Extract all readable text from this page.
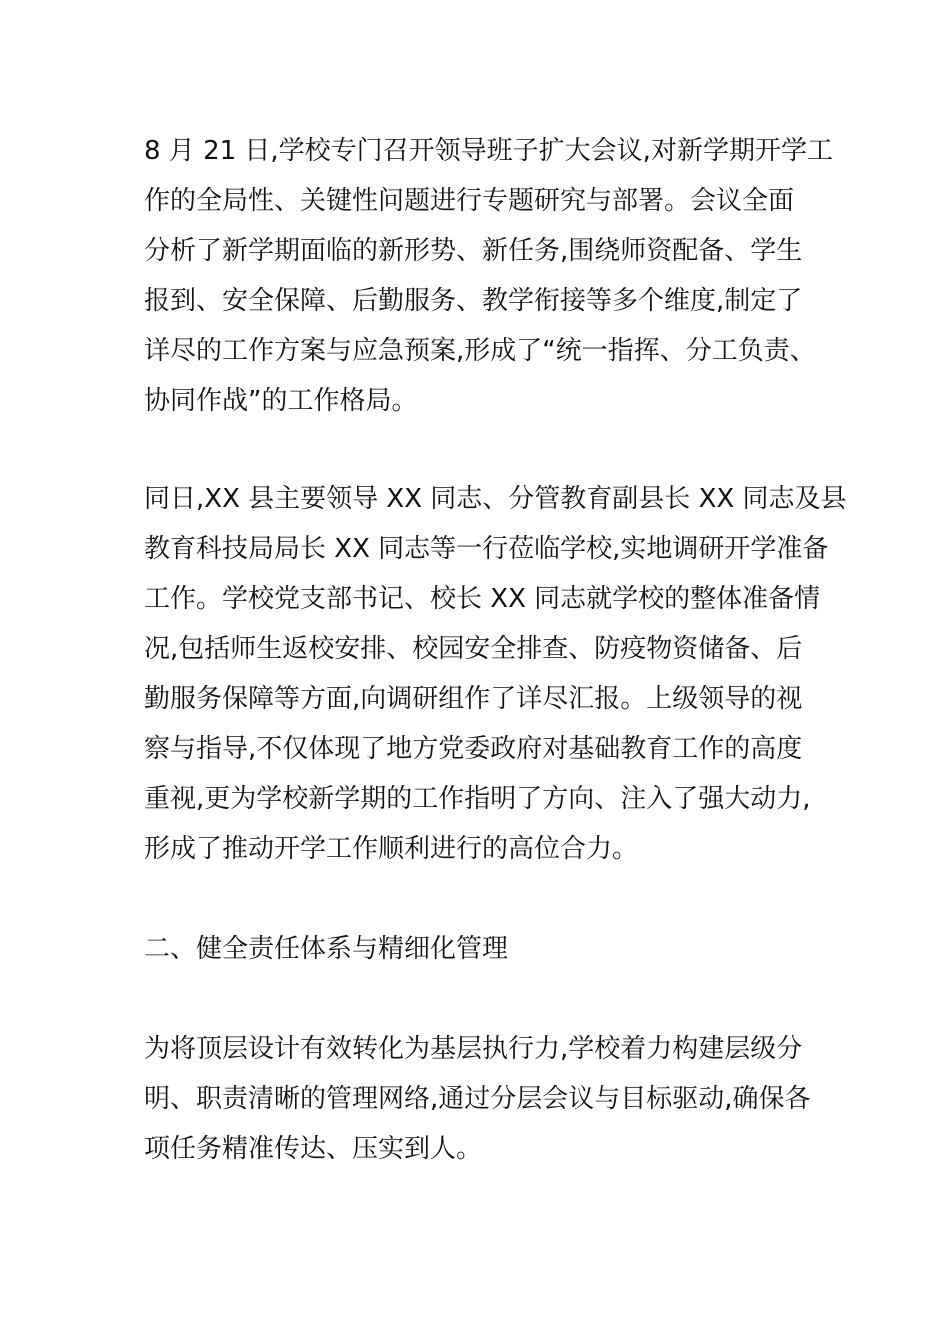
8 月 21 日,学校专门召开领导班子扩大会议,对新学期开学工
作的全局性、关键性问题进行专题研究与部署。会议全面
分析了新学期面临的新形势、新任务,围绕师资配备、学生
报到、安全保障、后勤服务、教学衔接等多个维度,制定了
详尽的工作方案与应急预案,形成了“统一指挥、分工负责、
协同作战”的工作格局。
同日,XX 县主要领导 XX 同志、分管教育副县长 XX 同志及县
教育科技局局长 XX 同志等一行莅临学校,实地调研开学准备
工作。学校党支部书记、校长 XX 同志就学校的整体准备情
况,包括师生返校安排、校园安全排查、防疫物资储备、后
勤服务保障等方面,向调研组作了详尽汇报。上级领导的视
察与指导,不仅体现了地方党委政府对基础教育工作的高度
重视,更为学校新学期的工作指明了方向、注入了强大动力,
形成了推动开学工作顺利进行的高位合力。
二、健全责任体系与精细化管理
为将顶层设计有效转化为基层执行力,学校着力构建层级分
明、职责清晰的管理网络,通过分层会议与目标驱动,确保各
项任务精准传达、压实到人。
